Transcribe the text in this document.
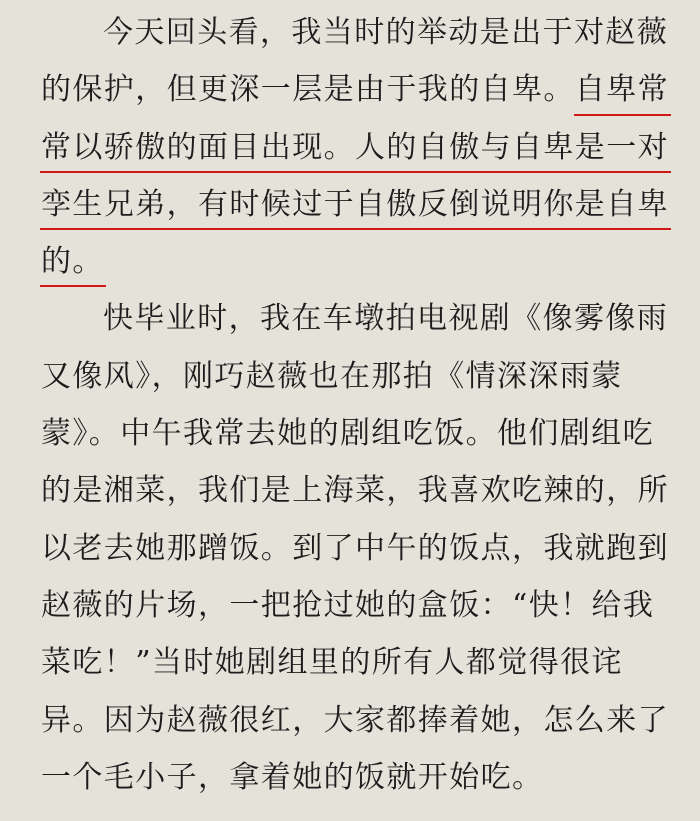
今天回头看，我当时的举动是出于对赵薇
的保护，但更深一层是由于我的自卑。自卑常
常以骄傲的面目出现。人的自傲与自卑是一对
孪生兄弟，有时候过于自傲反倒说明你是自卑
的。
快毕业时，我在车墩拍电视剧《像雾像雨
又像风》，刚巧赵薇也在那拍《情深深雨蒙
蒙》。中午我常去她的剧组吃饭。他们剧组吃
的是湘菜，我们是上海菜，我喜欢吃辣的，所
以老去她那蹭饭。到了中午的饭点，我就跑到
赵薇的片场，一把抢过她的盒饭：“快！给我
菜吃！”当时她剧组里的所有人都觉得很诧
异。因为赵薇很红，大家都捧着她，怎么来了
一个毛小子，拿着她的饭就开始吃。
